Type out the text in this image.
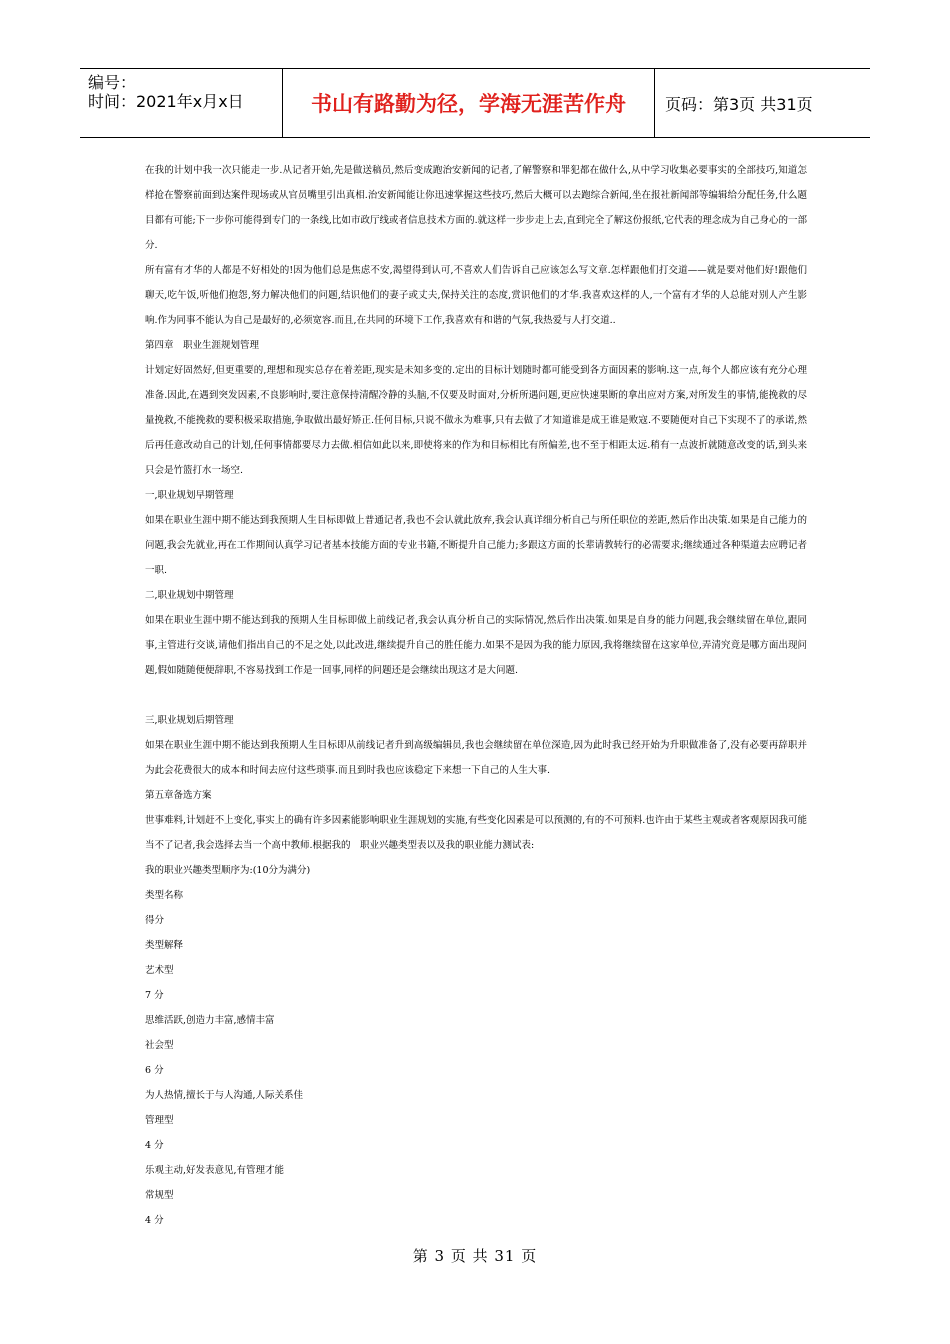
编号：
时间：2021年x月x日	书山有路勤为径，学海无涯苦作舟	页码：第3页 共31页

在我的计划中我一次只能走一步.从记者开始,先是做送稿员,然后变成跑治安新闻的记者,了解警察和罪犯都在做什么,从中学习收集必要事实的全部技巧,知道怎样抢在警察前面到达案件现场或从官员嘴里引出真相.治安新闻能让你迅速掌握这些技巧,然后大概可以去跑综合新闻,坐在报社新闻部等编辑给分配任务,什么题目都有可能;下一步你可能得到专门的一条线,比如市政厅线或者信息技术方面的.就这样一步步走上去,直到完全了解这份报纸,它代表的理念成为自己身心的一部分.

所有富有才华的人都是不好相处的!因为他们总是焦虑不安,渴望得到认可,不喜欢人们告诉自己应该怎么写文章.怎样跟他们打交道——就是要对他们好!跟他们聊天,吃午饭,听他们抱怨,努力解决他们的问题,结识他们的妻子或丈夫,保持关注的态度,赏识他们的才华.我喜欢这样的人,一个富有才华的人总能对别人产生影响.作为同事不能认为自己是最好的,必须宽容.而且,在共同的环境下工作,我喜欢有和谐的气氛,我热爱与人打交道..

第四章　职业生涯规划管理

计划定好固然好,但更重要的,理想和现实总存在着差距,现实是未知多变的.定出的目标计划随时都可能受到各方面因素的影响.这一点,每个人都应该有充分心理准备.因此,在遇到突发因素,不良影响时,要注意保持清醒冷静的头脑,不仅要及时面对,分析所遇问题,更应快速果断的拿出应对方案,对所发生的事情,能挽救的尽量挽救,不能挽救的要积极采取措施,争取做出最好矫正.任何目标,只说不做永为难事,只有去做了才知道谁是成王谁是败寇.不要随便对自己下实现不了的承诺,然后再任意改动自己的计划,任何事情都要尽力去做.相信如此以来,即使将来的作为和目标相比有所偏差,也不至于相距太远.稍有一点波折就随意改变的话,到头来只会是竹篮打水一场空.

一,职业规划早期管理

如果在职业生涯中期不能达到我预期人生目标即做上普通记者,我也不会认就此放弃,我会认真详细分析自己与所任职位的差距,然后作出决策.如果是自己能力的问题,我会先就业,再在工作期间认真学习记者基本技能方面的专业书籍,不断提升自己能力;多跟这方面的长辈请教转行的必需要求;继续通过各种渠道去应聘记者一职.

二,职业规划中期管理

如果在职业生涯中期不能达到我的预期人生目标即做上前线记者,我会认真分析自己的实际情况,然后作出决策.如果是自身的能力问题,我会继续留在单位,跟同事,主管进行交谈,请他们指出自己的不足之处,以此改进,继续提升自己的胜任能力.如果不是因为我的能力原因,我将继续留在这家单位,弄清究竟是哪方面出现问题,假如随随便便辞职,不容易找到工作是一回事,同样的问题还是会继续出现这才是大问题.

三,职业规划后期管理

如果在职业生涯中期不能达到我预期人生目标即从前线记者升到高级编辑员,我也会继续留在单位深造,因为此时我已经开始为升职做准备了,没有必要再辞职并为此会花费很大的成本和时间去应付这些琐事.而且到时我也应该稳定下来想一下自己的人生大事.

第五章备选方案

世事难料,计划赶不上变化,事实上的确有许多因素能影响职业生涯规划的实施,有些变化因素是可以预测的,有的不可预料.也许由于某些主观或者客观原因我可能当不了记者,我会选择去当一个高中教师.根据我的　职业兴趣类型表以及我的职业能力测试表:

我的职业兴趣类型顺序为:(10分为满分)

类型名称

得分

类型解释

艺术型

7 分

思维活跃,创造力丰富,感情丰富

社会型

6 分

为人热情,擅长于与人沟通,人际关系佳

管理型

4 分

乐观主动,好发表意见,有管理才能

常规型

4 分

第 3 页 共 31 页
